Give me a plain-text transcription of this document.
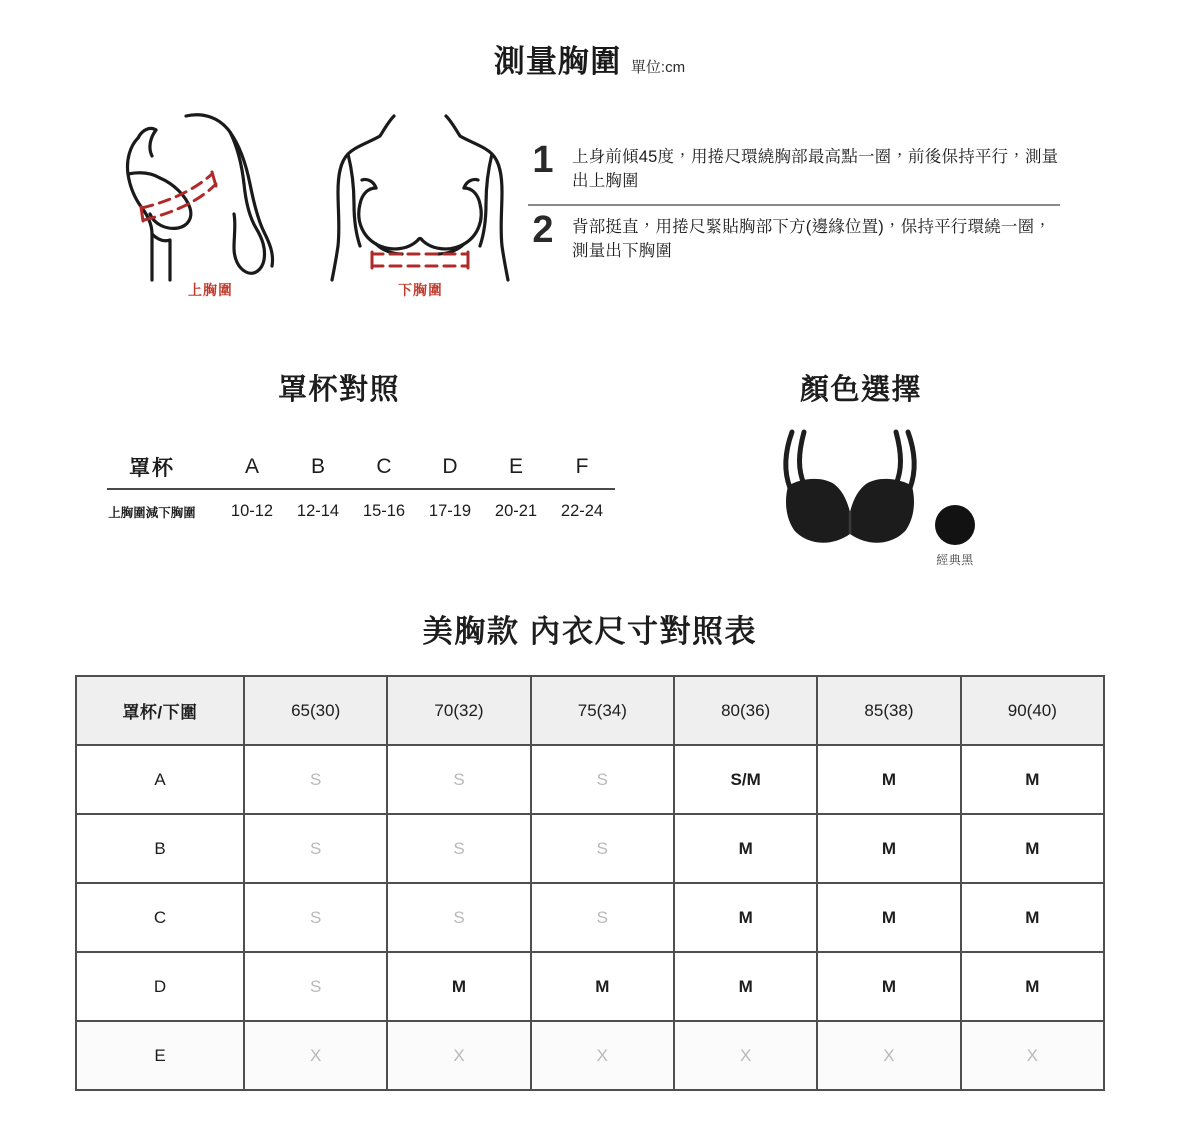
測量胸圍 單位:cm
上胸圍	下胸圍
1 上身前傾45度，用捲尺環繞胸部最高點一圈，前後保持平行，測量出上胸圍
2 背部挺直，用捲尺緊貼胸部下方(邊緣位置)，保持平行環繞一圈，測量出下胸圍
罩杯對照	顏色選擇
罩杯	A	B	C	D	E	F
上胸圍減下胸圍	10-12	12-14	15-16	17-19	20-21	22-24
經典黑
美胸款 內衣尺寸對照表
罩杯/下圍	65(30)	70(32)	75(34)	80(36)	85(38)	90(40)
A	S	S	S	S/M	M	M
B	S	S	S	M	M	M
C	S	S	S	M	M	M
D	S	M	M	M	M	M
E	X	X	X	X	X	X
